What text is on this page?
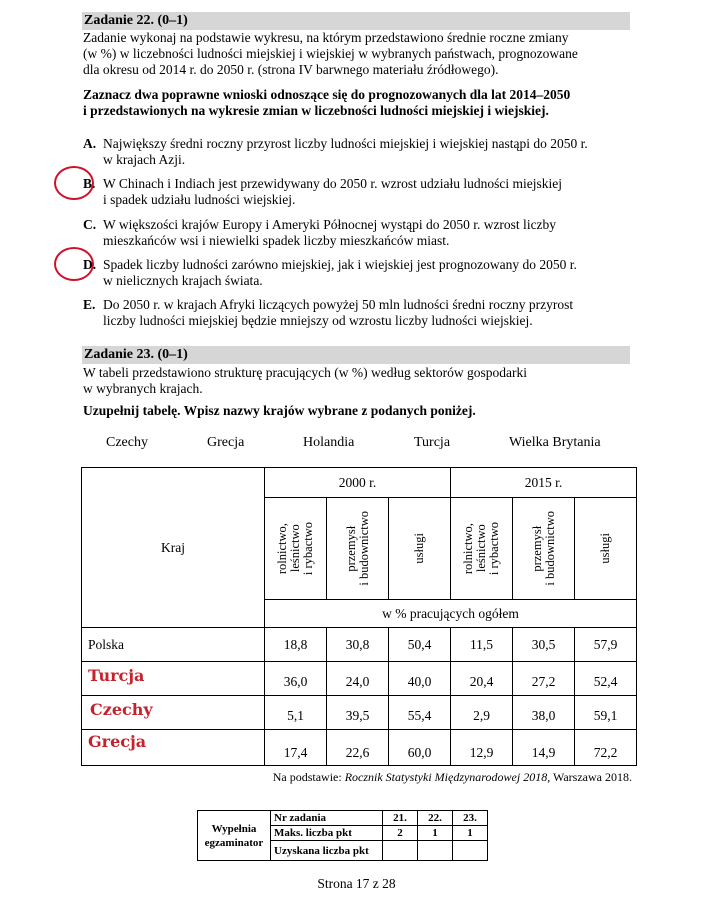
Zadanie 22. (0–1)
Zadanie wykonaj na podstawie wykresu, na którym przedstawiono średnie roczne zmiany
(w %) w liczebności ludności miejskiej i wiejskiej w wybranych państwach, prognozowane
dla okresu od 2014 r. do 2050 r. (strona IV barwnego materiału źródłowego).
Zaznacz dwa poprawne wnioski odnoszące się do prognozowanych dla lat 2014–2050
i przedstawionych na wykresie zmian w liczebności ludności miejskiej i wiejskiej.
A. Największy średni roczny przyrost liczby ludności miejskiej i wiejskiej nastąpi do 2050 r.
w krajach Azji.
B. W Chinach i Indiach jest przewidywany do 2050 r. wzrost udziału ludności miejskiej
i spadek udziału ludności wiejskiej.
C. W większości krajów Europy i Ameryki Północnej wystąpi do 2050 r. wzrost liczby
mieszkańców wsi i niewielki spadek liczby mieszkańców miast.
D. Spadek liczby ludności zarówno miejskiej, jak i wiejskiej jest prognozowany do 2050 r.
w nielicznych krajach świata.
E. Do 2050 r. w krajach Afryki liczących powyżej 50 mln ludności średni roczny przyrost
liczby ludności miejskiej będzie mniejszy od wzrostu liczby ludności wiejskiej.
Zadanie 23. (0–1)
W tabeli przedstawiono strukturę pracujących (w %) według sektorów gospodarki
w wybranych krajach.
Uzupełnij tabelę. Wpisz nazwy krajów wybrane z podanych poniżej.
Czechy	Grecja	Holandia	Turcja	Wielka Brytania
Kraj	2000 r.			2015 r.		

	rolnictwo,
leśnictwo
i rybactwo	przemysł
i budownictwo	usługi	rolnictwo,
leśnictwo
i rybactwo	przemysł
i budownictwo	usługi

	w % pracujących ogółem					
Polska	18,8	30,8	50,4	11,5	30,5	57,9
Turcja	36,0	24,0	40,0	20,4	27,2	52,4
Czechy	5,1	39,5	55,4	2,9	38,0	59,1
Grecja	17,4	22,6	60,0	12,9	14,9	72,2
Na podstawie: Rocznik Statystyki Międzynarodowej 2018, Warszawa 2018.
Wypełnia
egzaminator	Nr zadania	21.	22.	23.
	Maks. liczba pkt	2	1	1
	Uzyskana liczba pkt			
Strona 17 z 28
